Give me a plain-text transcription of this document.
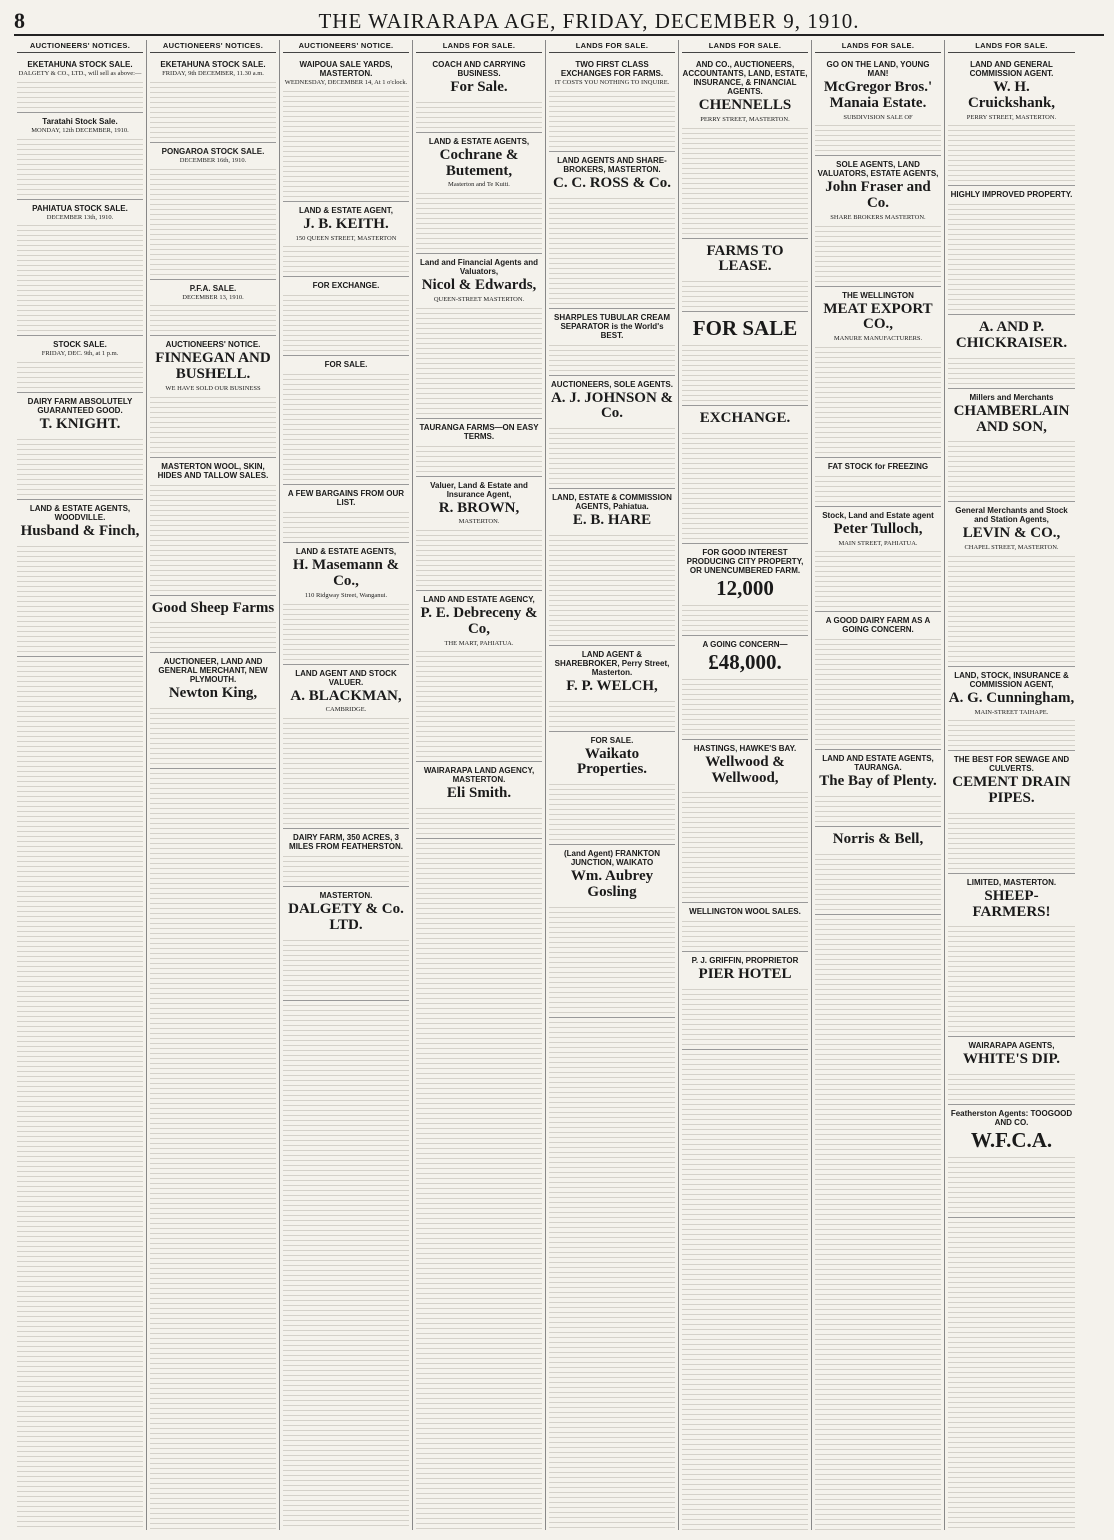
8	THE WAIRARAPA AGE, FRIDAY, DECEMBER 9, 1910.
AUCTIONEERS' NOTICES.
EKETAHUNA STOCK SALE.
DALGETY & CO., LTD., will sell as above:—
Taratahi Stock Sale.
MONDAY, 12th DECEMBER, 1910.
PAHIATUA STOCK SALE.
DECEMBER 13th, 1910.
STOCK SALE.
FRIDAY, DEC. 9th, at 1 p.m.
DAIRY FARM ABSOLUTELY GUARANTEED GOOD.
T. KNIGHT.
LAND & ESTATE AGENTS, WOODVILLE.
Husband & Finch,
AUCTIONEERS' NOTICES.
EKETAHUNA STOCK SALE.
FRIDAY, 9th DECEMBER, 11.30 a.m.
PONGAROA STOCK SALE.
DECEMBER 16th, 1910.
P.F.A. SALE.
DECEMBER 13, 1910.
AUCTIONEERS' NOTICE.
FINNEGAN AND BUSHELL.
WE HAVE SOLD OUR BUSINESS
MASTERTON WOOL, SKIN, HIDES AND TALLOW SALES.
Good Sheep Farms
AUCTIONEER, LAND AND GENERAL MERCHANT, NEW PLYMOUTH.
Newton King,
AUCTIONEERS' NOTICE.
WAIPOUA SALE YARDS, MASTERTON.
WEDNESDAY, DECEMBER 14, At 1 o'clock.
LAND & ESTATE AGENT,
J. B. KEITH.
150 QUEEN STREET, MASTERTON
FOR EXCHANGE.
FOR SALE.
A FEW BARGAINS FROM OUR LIST.
LAND & ESTATE AGENTS,
H. Masemann & Co.,
110 Ridgway Street, Wanganui.
LAND AGENT AND STOCK VALUER.
A. BLACKMAN,
CAMBRIDGE.
DAIRY FARM, 350 ACRES, 3 MILES FROM FEATHERSTON.
MASTERTON.
DALGETY & Co. LTD.
LANDS FOR SALE.
COACH AND CARRYING BUSINESS.
For Sale.
LAND & ESTATE AGENTS,
Cochrane & Butement,
Masterton and Te Kuiti.
Land and Financial Agents and Valuators,
Nicol & Edwards,
QUEEN-STREET MASTERTON.
TAURANGA FARMS—ON EASY TERMS.
Valuer, Land & Estate and Insurance Agent,
R. BROWN,
MASTERTON.
LAND AND ESTATE AGENCY,
P. E. Debreceny & Co,
THE MART, PAHIATUA.
WAIRARAPA LAND AGENCY, MASTERTON.
Eli Smith.
LANDS FOR SALE.
TWO FIRST CLASS EXCHANGES FOR FARMS.
IT COSTS YOU NOTHING TO INQUIRE.
LAND AGENTS AND SHARE-BROKERS, MASTERTON.
C. C. ROSS & Co.
SHARPLES TUBULAR CREAM SEPARATOR is the World's BEST.
AUCTIONEERS, SOLE AGENTS.
A. J. JOHNSON & Co.
LAND, ESTATE & COMMISSION AGENTS, Pahiatua.
E. B. HARE
LAND AGENT & SHAREBROKER, Perry Street, Masterton.
F. P. WELCH,
FOR SALE.
Waikato Properties.
(Land Agent) FRANKTON JUNCTION, WAIKATO
Wm. Aubrey Gosling
LANDS FOR SALE.
AND CO., AUCTIONEERS, ACCOUNTANTS, LAND, ESTATE, INSURANCE, & FINANCIAL AGENTS.
CHENNELLS
PERRY STREET, MASTERTON.
FARMS TO LEASE.
FOR SALE
EXCHANGE.
FOR GOOD INTEREST PRODUCING CITY PROPERTY, OR UNENCUMBERED FARM.
12,000
A GOING CONCERN—
£48,000.
HASTINGS, HAWKE'S BAY.
Wellwood & Wellwood,
WELLINGTON WOOL SALES.
P. J. GRIFFIN, PROPRIETOR
PIER HOTEL
LANDS FOR SALE.
GO ON THE LAND, YOUNG MAN!
McGregor Bros.' Manaia Estate.
SUBDIVISION SALE OF
SOLE AGENTS, LAND VALUATORS, ESTATE AGENTS,
John Fraser and Co.
SHARE BROKERS MASTERTON.
THE WELLINGTON
MEAT EXPORT CO.,
MANURE MANUFACTURERS.
FAT STOCK for FREEZING
Stock, Land and Estate agent
Peter Tulloch,
MAIN STREET, PAHIATUA.
A GOOD DAIRY FARM AS A GOING CONCERN.
LAND AND ESTATE AGENTS, TAURANGA.
The Bay of Plenty.
Norris & Bell,
LANDS FOR SALE.
LAND AND GENERAL COMMISSION AGENT.
W. H. Cruickshank,
PERRY STREET, MASTERTON.
HIGHLY IMPROVED PROPERTY.
A. AND P. CHICKRAISER.
Millers and Merchants
CHAMBERLAIN AND SON,
General Merchants and Stock and Station Agents,
LEVIN & CO.,
CHAPEL STREET, MASTERTON.
LAND, STOCK, INSURANCE & COMMISSION AGENT,
A. G. Cunningham,
MAIN-STREET TAIHAPE.
THE BEST FOR SEWAGE AND CULVERTS.
CEMENT DRAIN PIPES.
LIMITED, MASTERTON.
SHEEP-FARMERS!
WAIRARAPA AGENTS,
WHITE'S DIP.
Featherston Agents: TOOGOOD AND CO.
W.F.C.A.
